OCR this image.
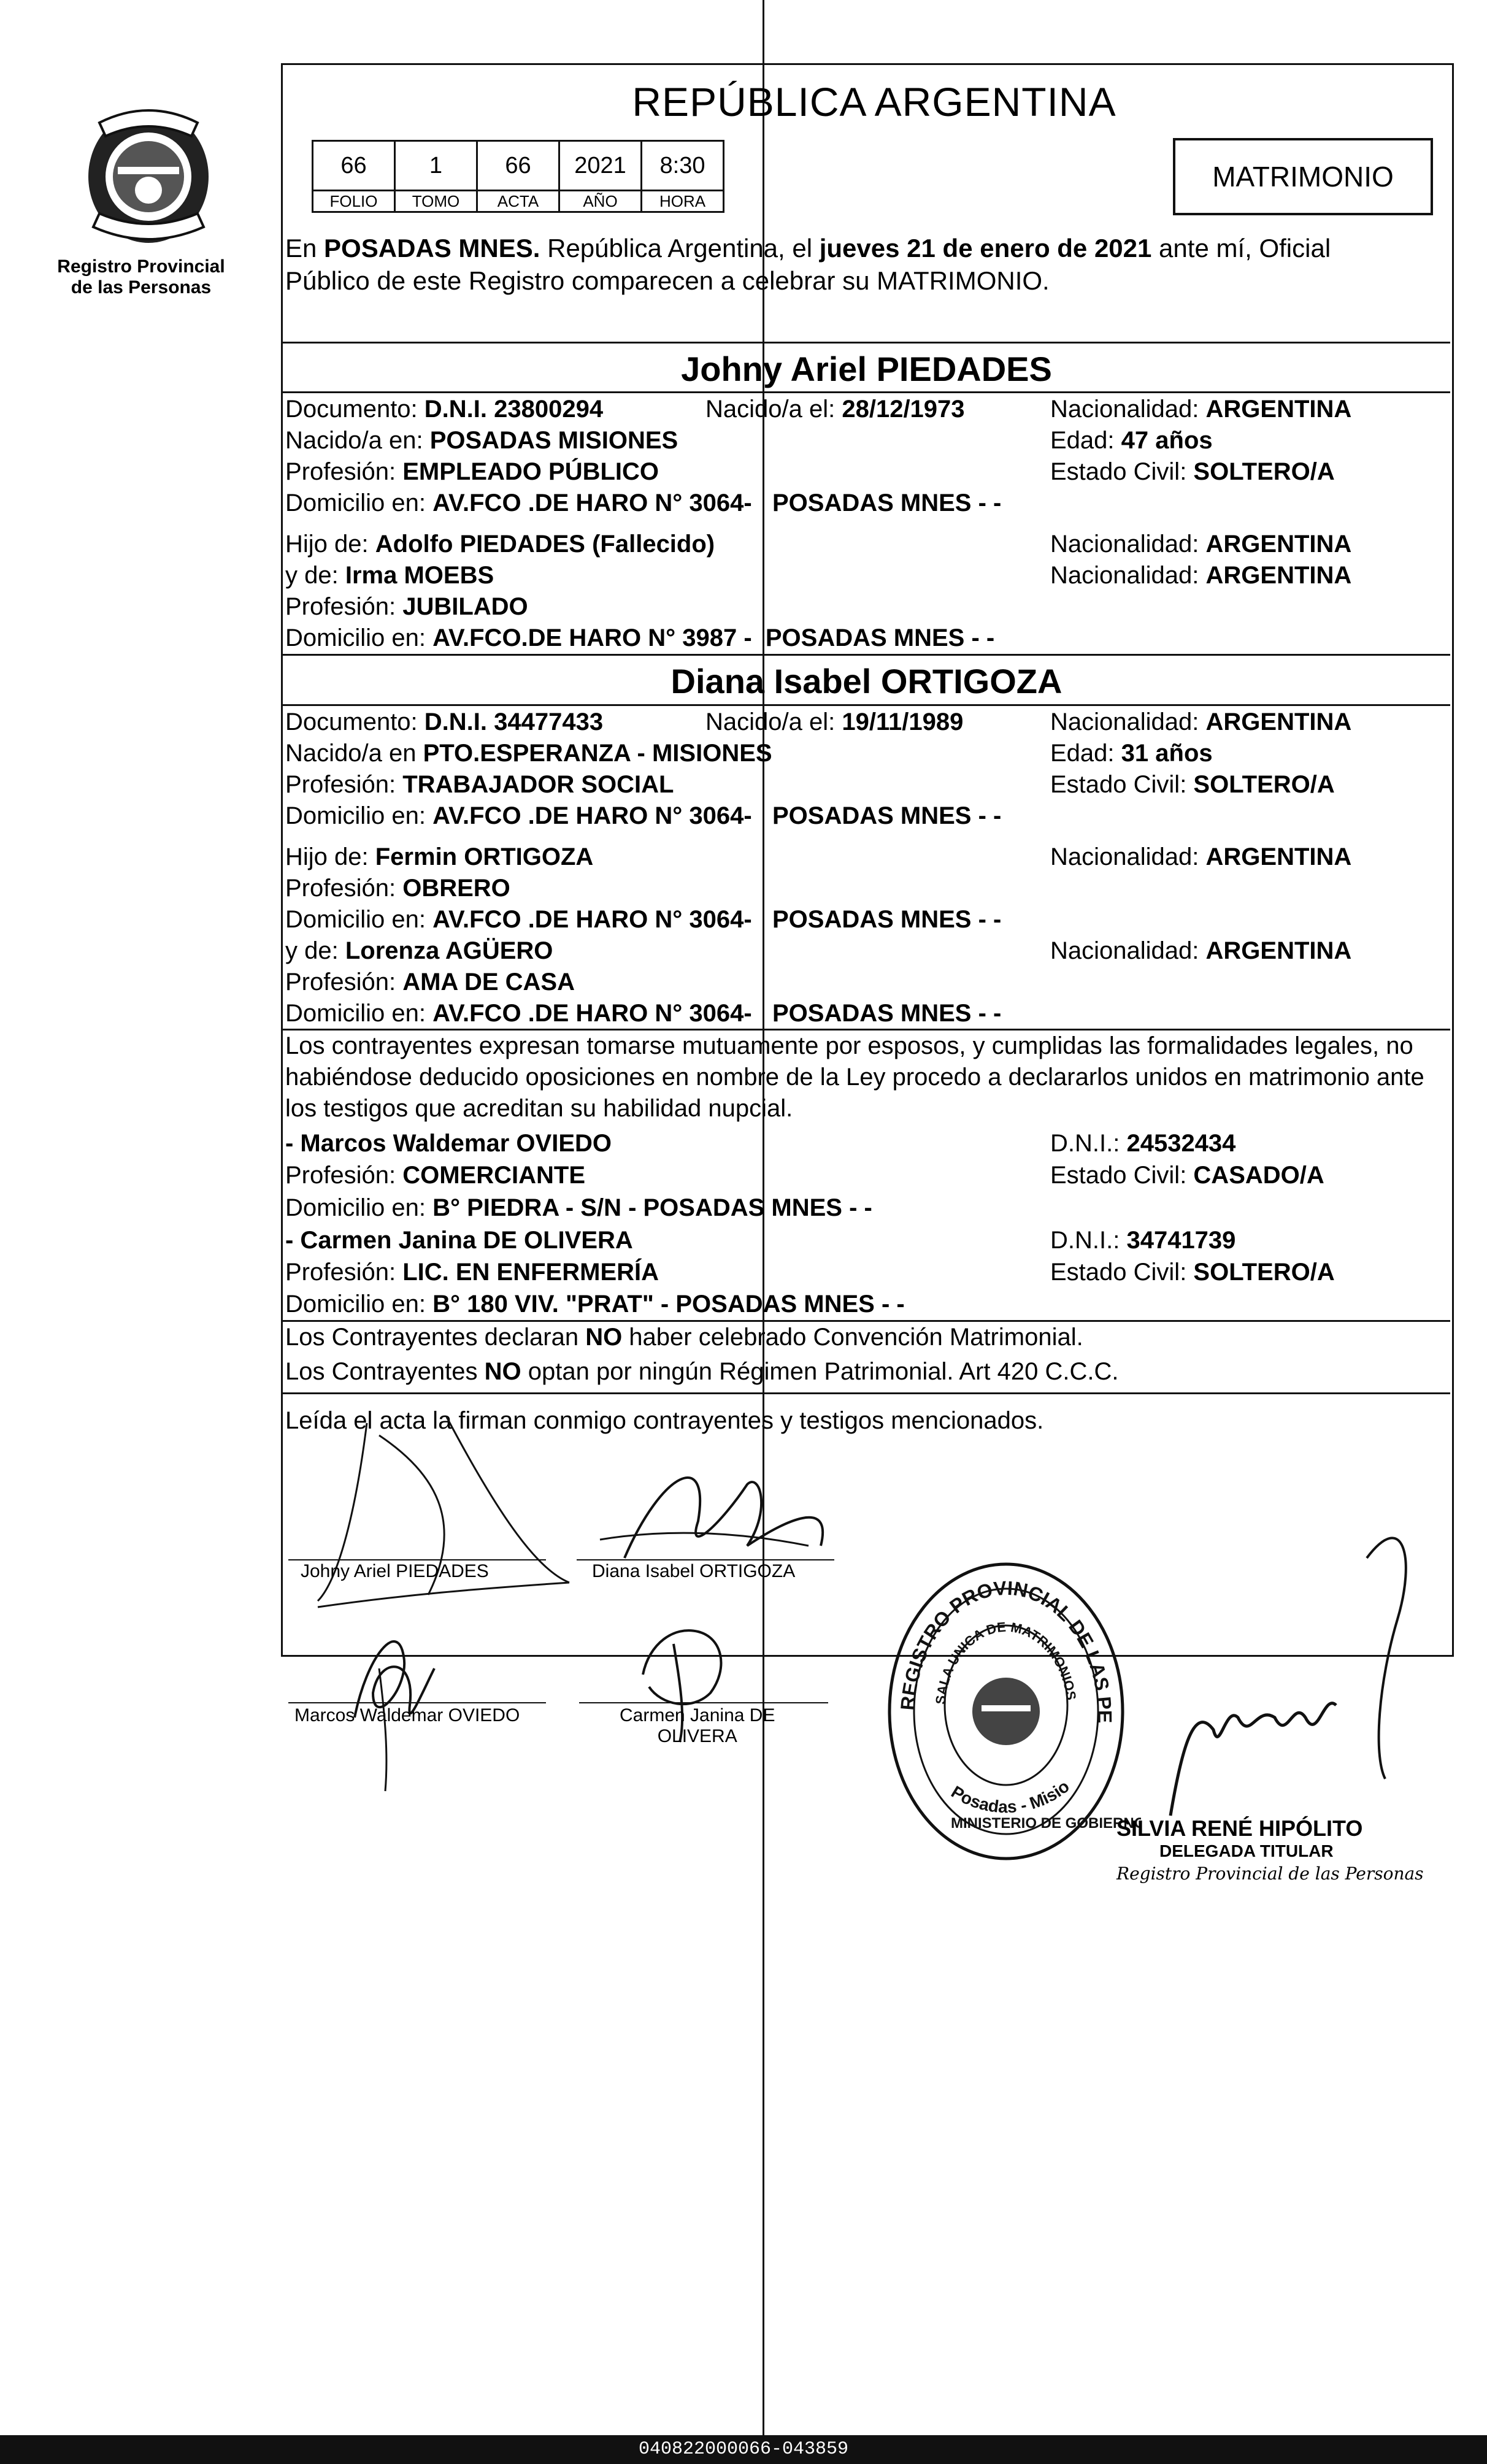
Registro Provincial
de las Personas
REPÚBLICA ARGENTINA
66	1	66	2021	8:30
FOLIO	TOMO	ACTA	AÑO	HORA
MATRIMONIO
En POSADAS MNES. República Argentina, el jueves 21 de enero de 2021 ante mí, Oficial
Público de este Registro comparecen a celebrar su MATRIMONIO.
Johny Ariel PIEDADES
Documento: D.N.I. 23800294	Nacido/a el: 28/12/1973	Nacionalidad: ARGENTINA
Nacido/a en: POSADAS MISIONES	Edad: 47 años
Profesión: EMPLEADO PÚBLICO	Estado Civil: SOLTERO/A
Domicilio en: AV.FCO .DE HARO N° 3064-   POSADAS MNES - -
Hijo de: Adolfo PIEDADES (Fallecido)	Nacionalidad: ARGENTINA
y de: Irma MOEBS	Nacionalidad: ARGENTINA
Profesión: JUBILADO
Domicilio en: AV.FCO.DE HARO N° 3987 -  POSADAS MNES - -
Diana Isabel ORTIGOZA
Documento: D.N.I. 34477433	Nacido/a el: 19/11/1989	Nacionalidad: ARGENTINA
Nacido/a en PTO.ESPERANZA - MISIONES	Edad: 31 años
Profesión: TRABAJADOR SOCIAL	Estado Civil: SOLTERO/A
Domicilio en: AV.FCO .DE HARO N° 3064-   POSADAS MNES - -
Hijo de: Fermin ORTIGOZA	Nacionalidad: ARGENTINA
Profesión: OBRERO
Domicilio en: AV.FCO .DE HARO N° 3064-   POSADAS MNES - -
y de: Lorenza AGÜERO	Nacionalidad: ARGENTINA
Profesión: AMA DE CASA
Domicilio en: AV.FCO .DE HARO N° 3064-   POSADAS MNES - -
Los contrayentes expresan tomarse mutuamente por esposos, y cumplidas las formalidades legales, no
habiéndose deducido oposiciones en nombre de la Ley procedo a declararlos unidos en matrimonio ante
los testigos que acreditan su habilidad nupcial.
- Marcos Waldemar OVIEDO	D.N.I.: 24532434
Profesión: COMERCIANTE	Estado Civil: CASADO/A
Domicilio en: B° PIEDRA - S/N - POSADAS MNES - -
- Carmen Janina DE OLIVERA	D.N.I.: 34741739
Profesión: LIC. EN ENFERMERÍA	Estado Civil: SOLTERO/A
Domicilio en: B° 180 VIV. "PRAT" - POSADAS MNES - -
Los Contrayentes declaran NO haber celebrado Convención Matrimonial.
Los Contrayentes NO optan por ningún Régimen Patrimonial. Art 420 C.C.C.
Leída el acta la firman conmigo contrayentes y testigos mencionados.
Johny Ariel PIEDADES	Diana Isabel ORTIGOZA
Marcos Waldemar OVIEDO	Carmen Janina DE
OLIVERA
REGISTRO PROVINCIAL DE LAS PE
SALA UNICA DE MATRIMONIOS
Posadas - Misio
MINISTERIO DE GOBIERNO
SILVIA RENÉ HIPÓLITO
DELEGADA TITULAR
Registro Provincial de las Personas
040822000066-043859
